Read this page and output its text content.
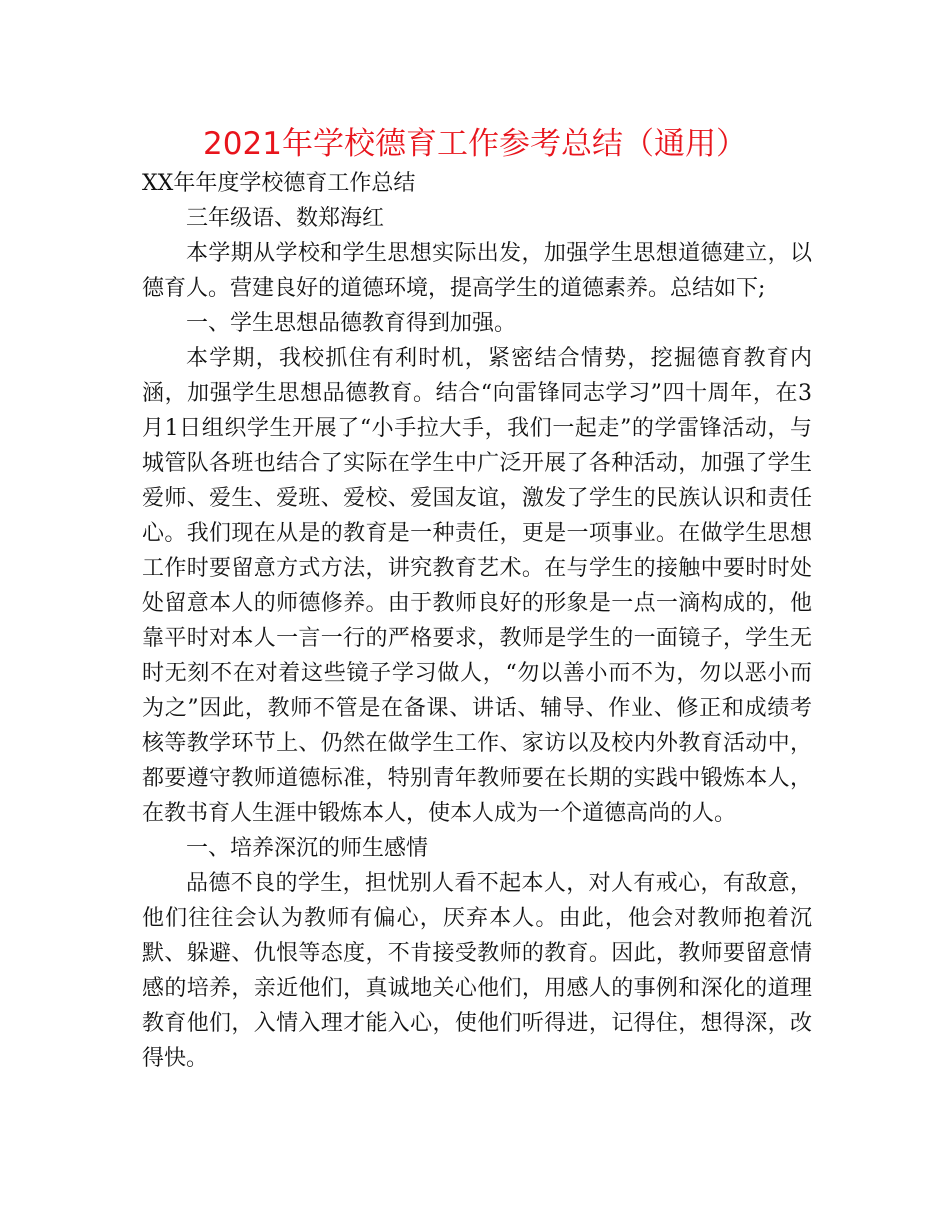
2021年学校德育工作参考总结（通用）

XX年年度学校德育工作总结

三年级语、数郑海红

本学期从学校和学生思想实际出发，加强学生思想道德建立，以德育人。营建良好的道德环境，提高学生的道德素养。总结如下;

一、学生思想品德教育得到加强。

本学期，我校抓住有利时机，紧密结合情势，挖掘德育教育内涵，加强学生思想品德教育。结合“向雷锋同志学习”四十周年，在3月1日组织学生开展了“小手拉大手，我们一起走”的学雷锋活动，与城管队各班也结合了实际在学生中广泛开展了各种活动，加强了学生爱师、爱生、爱班、爱校、爱国友谊，激发了学生的民族认识和责任心。我们现在从是的教育是一种责任，更是一项事业。在做学生思想工作时要留意方式方法，讲究教育艺术。在与学生的接触中要时时处处留意本人的师德修养。由于教师良好的形象是一点一滴构成的，他靠平时对本人一言一行的严格要求，教师是学生的一面镜子，学生无时无刻不在对着这些镜子学习做人，“勿以善小而不为，勿以恶小而为之”因此，教师不管是在备课、讲话、辅导、作业、修正和成绩考核等教学环节上、仍然在做学生工作、家访以及校内外教育活动中，都要遵守教师道德标准，特别青年教师要在长期的实践中锻炼本人，在教书育人生涯中锻炼本人，使本人成为一个道德高尚的人。

一、培养深沉的师生感情

品德不良的学生，担忧别人看不起本人，对人有戒心，有敌意，他们往往会认为教师有偏心，厌弃本人。由此，他会对教师抱着沉默、躲避、仇恨等态度，不肯接受教师的教育。因此，教师要留意情感的培养，亲近他们，真诚地关心他们，用感人的事例和深化的道理教育他们，入情入理才能入心，使他们听得进，记得住，想得深，改得快。
